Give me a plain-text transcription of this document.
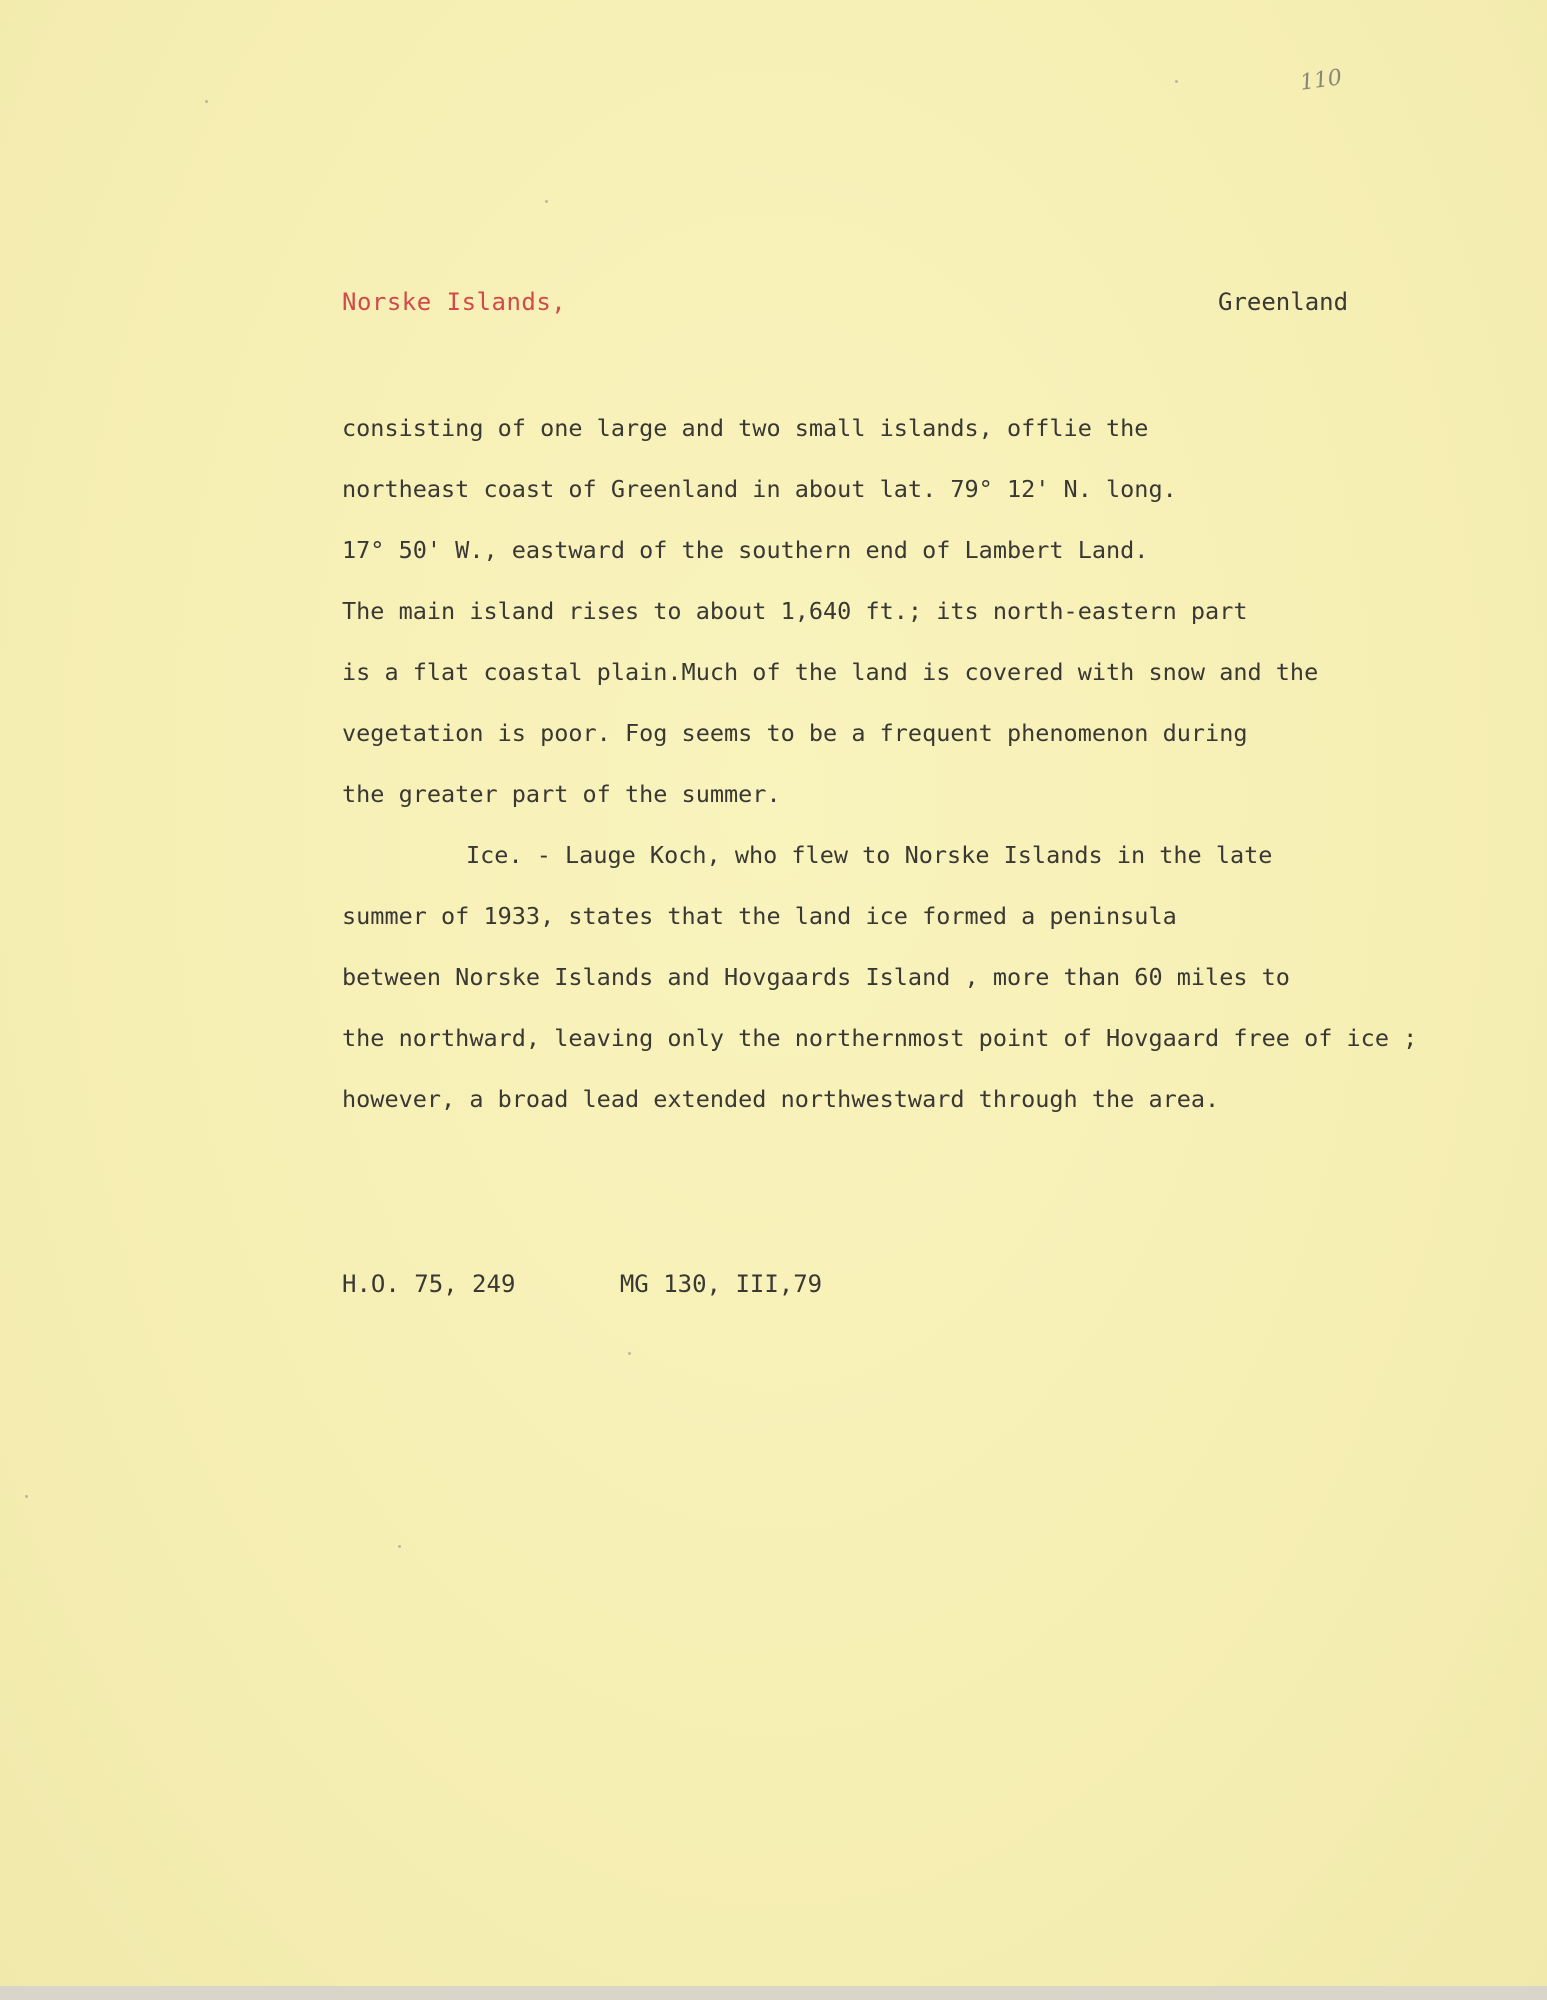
110
Norske Islands,	Greenland
consisting of one large and two small islands, offlie the
northeast coast of Greenland in about lat. 79° 12' N. long.
17° 50' W., eastward of the southern end of Lambert Land.
The main island rises to about 1,640 ft.; its north-eastern part
is a flat coastal plain.Much of the land is covered with snow and the
vegetation is poor. Fog seems to be a frequent phenomenon during
the greater part of the summer.
Ice. - Lauge Koch, who flew to Norske Islands in the late
summer of 1933, states that the land ice formed a peninsula
between Norske Islands and Hovgaards Island , more than 60 miles to
the northward, leaving only the northernmost point of Hovgaard free of ice ;
however, a broad lead extended northwestward through the area.
H.O. 75, 249	MG 130, III,79
